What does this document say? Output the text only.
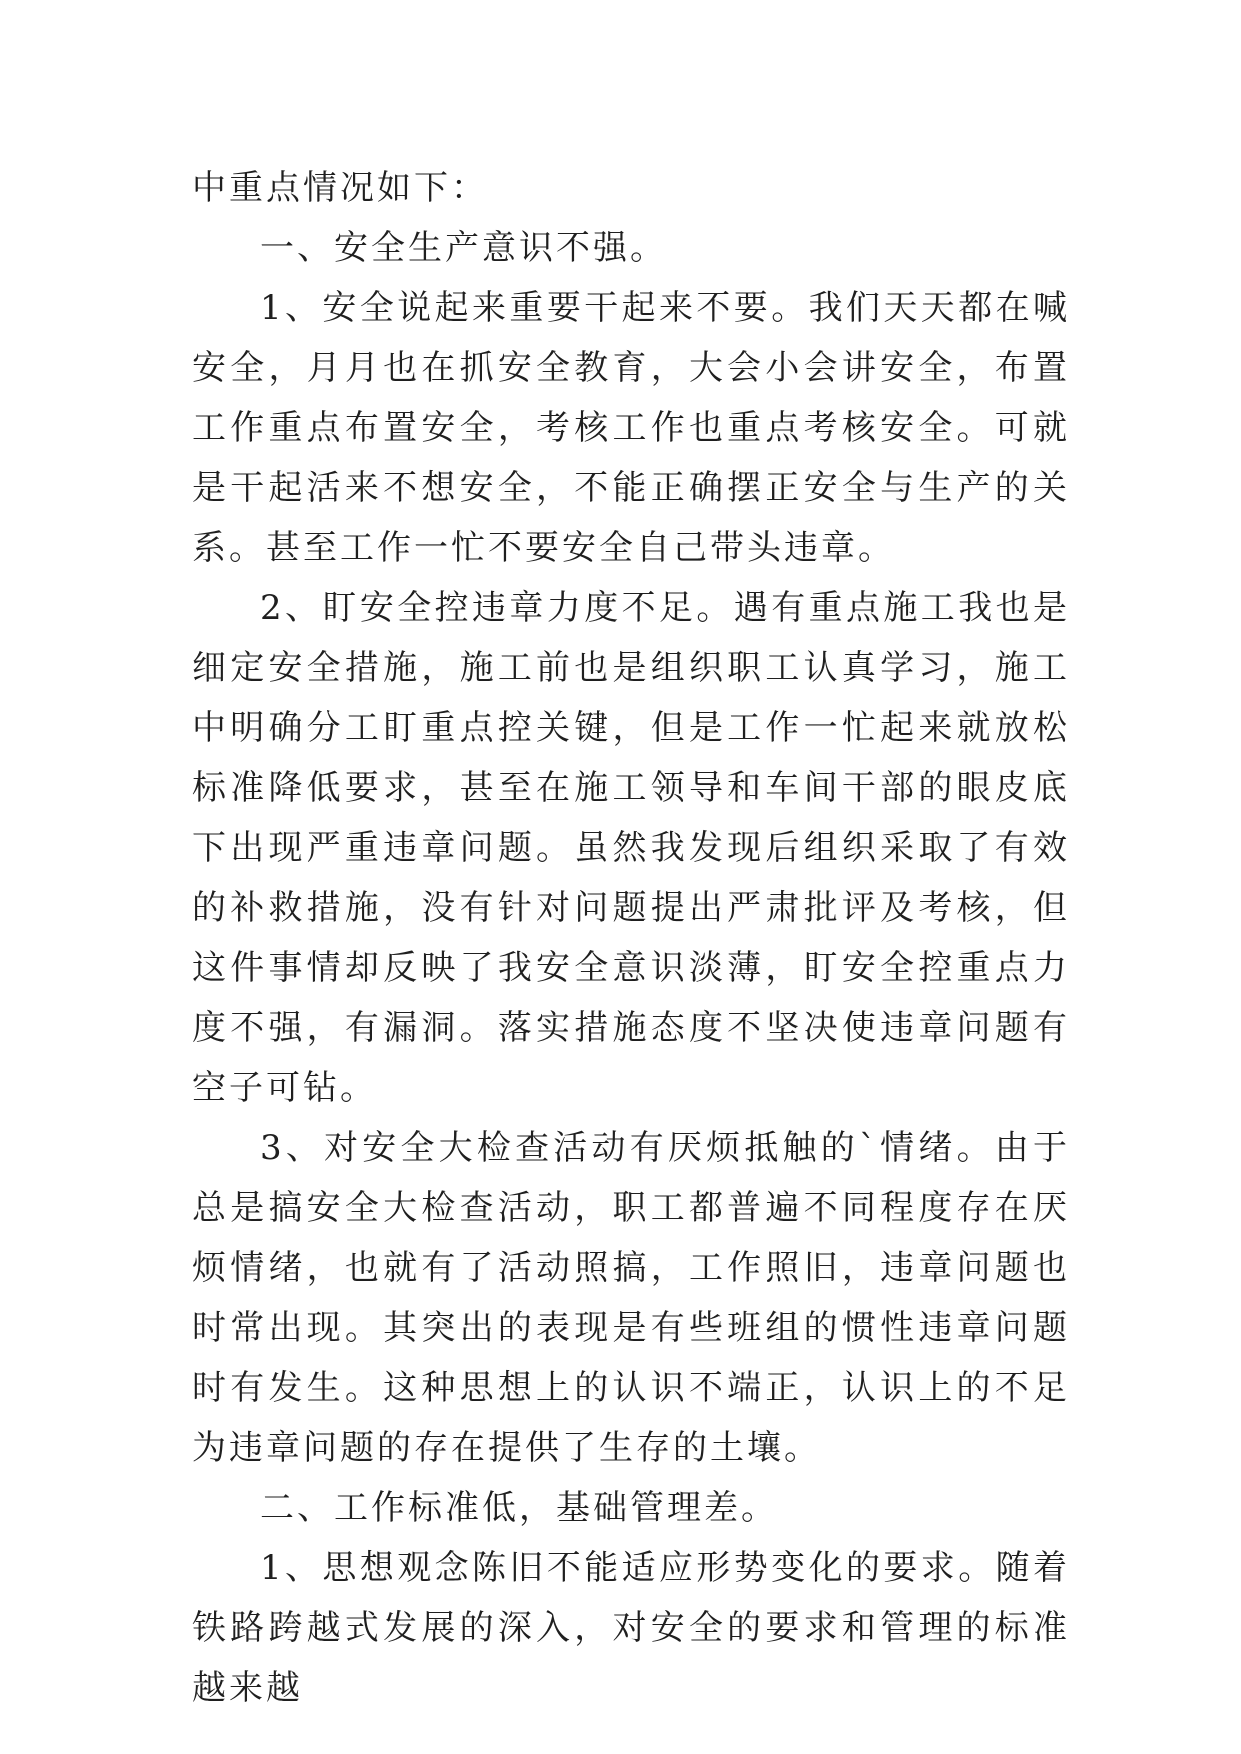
中重点情况如下：

一、安全生产意识不强。

1、安全说起来重要干起来不要。我们天天都在喊安全，月月也在抓安全教育，大会小会讲安全，布置工作重点布置安全，考核工作也重点考核安全。可就是干起活来不想安全，不能正确摆正安全与生产的关系。甚至工作一忙不要安全自己带头违章。

2、盯安全控违章力度不足。遇有重点施工我也是细定安全措施，施工前也是组织职工认真学习，施工中明确分工盯重点控关键，但是工作一忙起来就放松标准降低要求，甚至在施工领导和车间干部的眼皮底下出现严重违章问题。虽然我发现后组织采取了有效的补救措施，没有针对问题提出严肃批评及考核，但这件事情却反映了我安全意识淡薄，盯安全控重点力度不强，有漏洞。落实措施态度不坚决使违章问题有空子可钻。

3、对安全大检查活动有厌烦抵触的`情绪。由于总是搞安全大检查活动，职工都普遍不同程度存在厌烦情绪，也就有了活动照搞，工作照旧，违章问题也时常出现。其突出的表现是有些班组的惯性违章问题时有发生。这种思想上的认识不端正，认识上的不足为违章问题的存在提供了生存的土壤。

二、工作标准低，基础管理差。

1、思想观念陈旧不能适应形势变化的要求。随着铁路跨越式发展的深入，对安全的要求和管理的标准越来越
